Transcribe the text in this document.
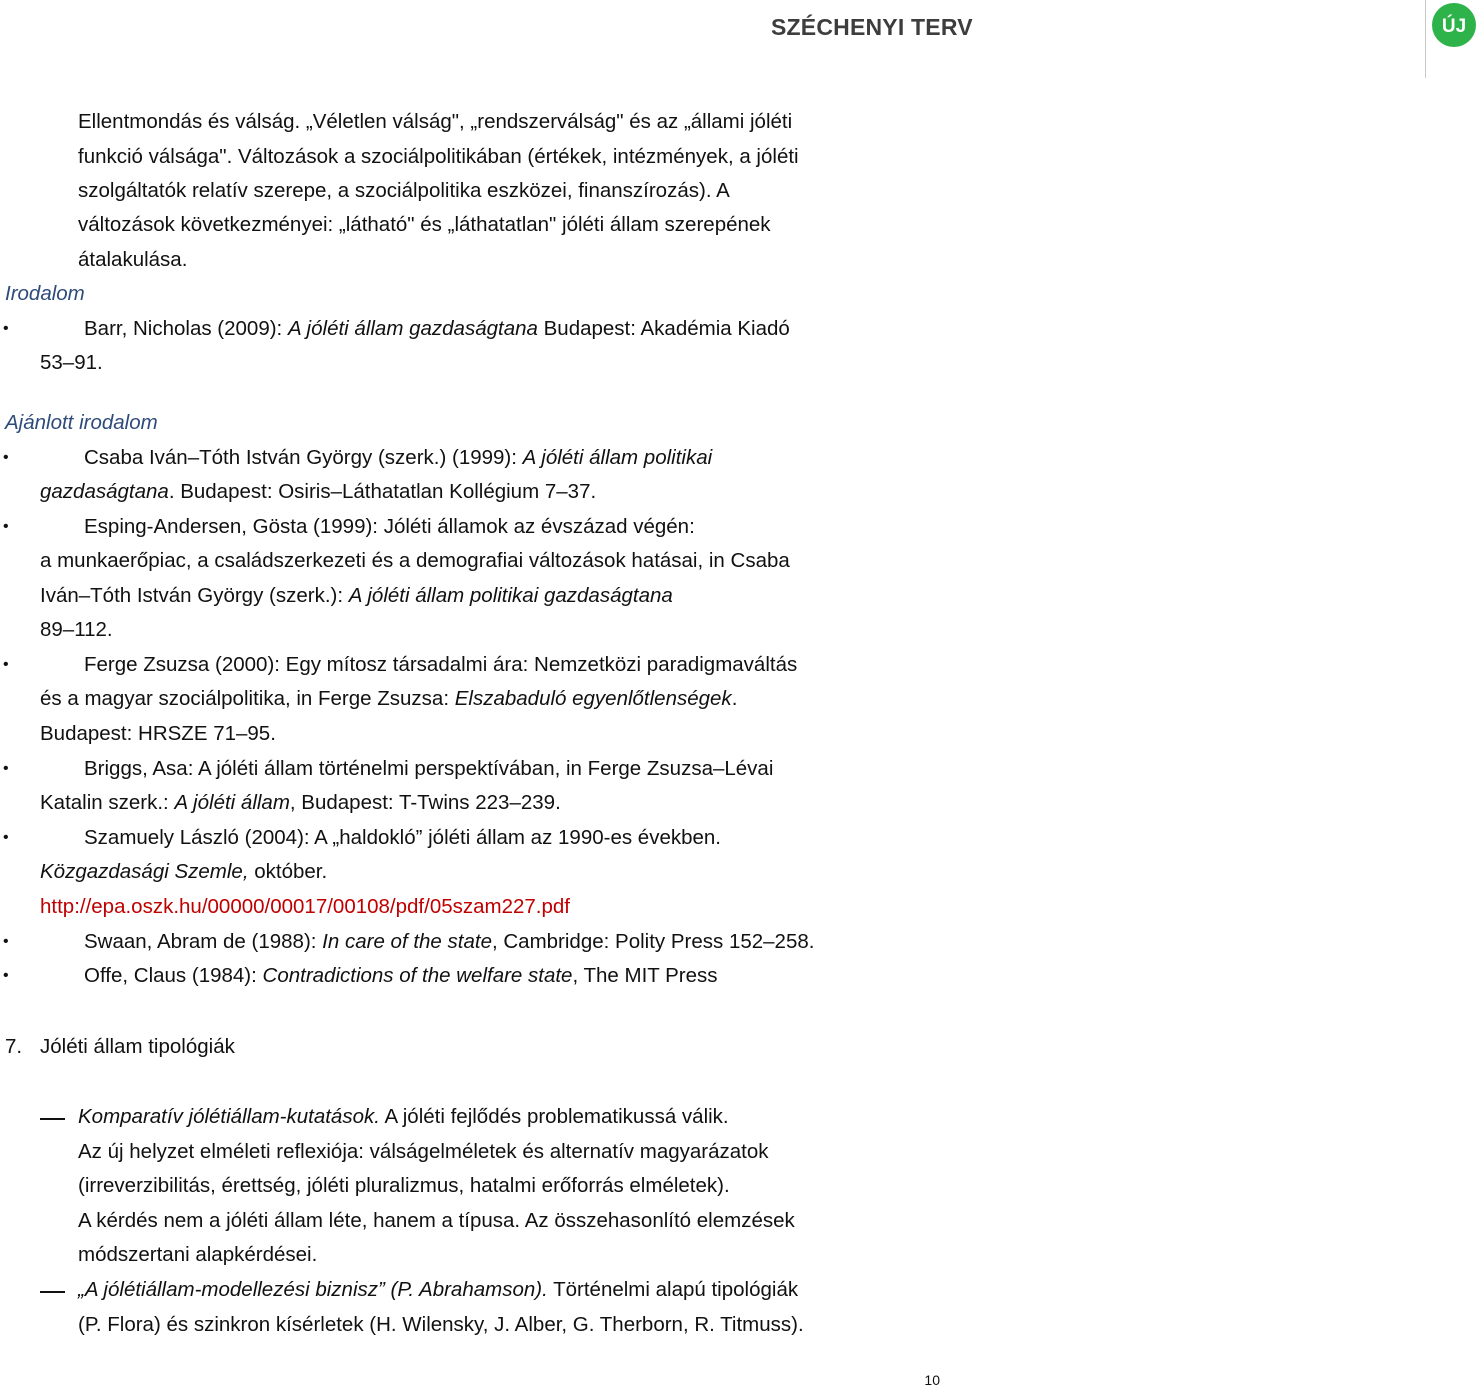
ÚJ
SZÉCHENYI TERV
Ellentmondás és válság. „Véletlen válság", „rendszerválság" és az „állami jóléti
funkció válsága". Változások a szociálpolitikában (értékek, intézmények, a jóléti
szolgáltatók relatív szerepe, a szociálpolitika eszközei, finanszírozás). A
változások következményei: „látható" és „láthatatlan" jóléti állam szerepének
átalakulása.
Irodalom
•	Barr, Nicholas (2009): A jóléti állam gazdaságtana Budapest: Akadémia Kiadó
53–91.
Ajánlott irodalom
•	Csaba Iván–Tóth István György (szerk.) (1999): A jóléti állam politikai
gazdaságtana. Budapest: Osiris–Láthatatlan Kollégium 7–37.
•	Esping-Andersen, Gösta (1999): Jóléti államok az évszázad végén:
a munkaerőpiac, a családszerkezeti és a demografiai változások hatásai, in Csaba
Iván–Tóth István György (szerk.): A jóléti állam politikai gazdaságtana
89–112.
•	Ferge Zsuzsa (2000): Egy mítosz társadalmi ára: Nemzetközi paradigmaváltás
és a magyar szociálpolitika, in Ferge Zsuzsa: Elszabaduló egyenlőtlenségek.
Budapest: HRSZE 71–95.
•	Briggs, Asa: A jóléti állam történelmi perspektívában, in Ferge Zsuzsa–Lévai
Katalin szerk.: A jóléti állam, Budapest: T-Twins 223–239.
•	Szamuely László (2004): A „haldokló” jóléti állam az 1990-es években.
Közgazdasági Szemle, október.
http://epa.oszk.hu/00000/00017/00108/pdf/05szam227.pdf
•	Swaan, Abram de (1988): In care of the state, Cambridge: Polity Press 152–258.
•	Offe, Claus (1984): Contradictions of the welfare state, The MIT Press
7. Jóléti állam tipológiák
Komparatív jólétiállam-kutatások. A jóléti fejlődés problematikussá válik.
Az új helyzet elméleti reflexiója: válságelméletek és alternatív magyarázatok
(irreverzibilitás, érettség, jóléti pluralizmus, hatalmi erőforrás elméletek).
A kérdés nem a jóléti állam léte, hanem a típusa. Az összehasonlító elemzések
módszertani alapkérdései.
„A jólétiállam-modellezési biznisz” (P. Abrahamson). Történelmi alapú tipológiák
(P. Flora) és szinkron kísérletek (H. Wilensky, J. Alber, G. Therborn, R. Titmuss).
10
